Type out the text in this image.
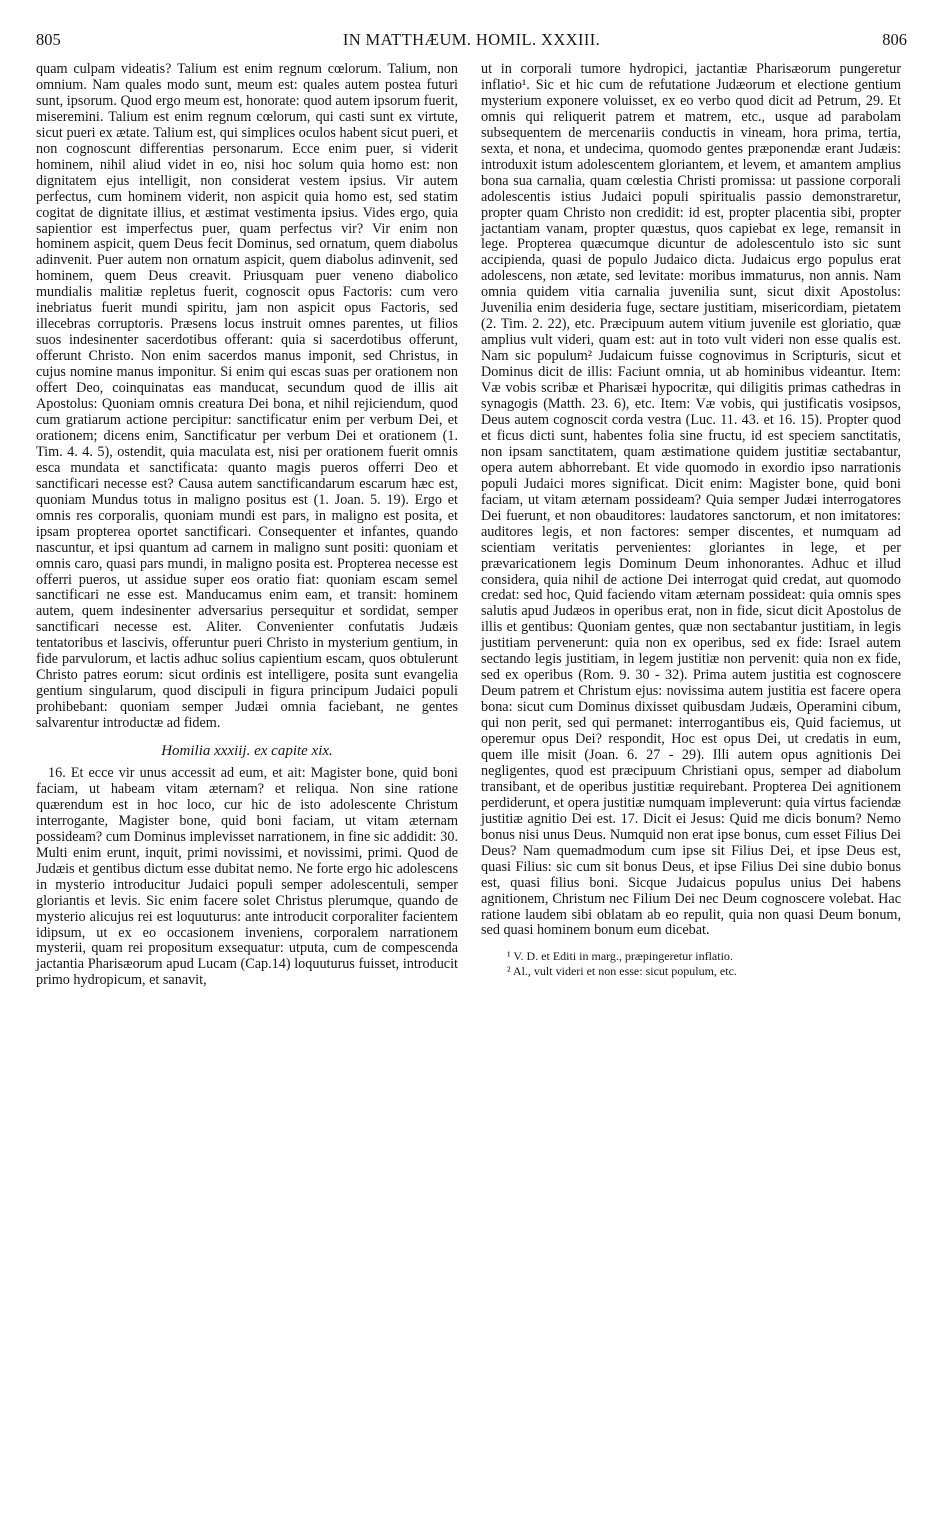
805	IN MATTHÆUM. HOMIL. XXXIII.	806

quam culpam videatis? Talium est enim regnum cœlorum. Talium, non omnium. Nam quales modo sunt, meum est: quales autem postea futuri sunt, ipsorum. Quod ergo meum est, honorate: quod autem ipsorum fuerit, miseremini. Talium est enim regnum cœlorum, qui casti sunt ex virtute, sicut pueri ex ætate. Talium est, qui simplices oculos habent sicut pueri, et non cognoscunt differentias personarum. Ecce enim puer, si viderit hominem, nihil aliud videt in eo, nisi hoc solum quia homo est: non dignitatem ejus intelligit, non considerat vestem ipsius. Vir autem perfectus, cum hominem viderit, non aspicit quia homo est, sed statim cogitat de dignitate illius, et æstimat vestimenta ipsius. Vides ergo, quia sapientior est imperfectus puer, quam perfectus vir? Vir enim non hominem aspicit, quem Deus fecit Dominus, sed ornatum, quem diabolus adinvenit. Puer autem non ornatum aspicit, quem diabolus adinvenit, sed hominem, quem Deus creavit. Priusquam puer veneno diabolico mundialis malitiæ repletus fuerit, cognoscit opus Factoris: cum vero inebriatus fuerit mundi spiritu, jam non aspicit opus Factoris, sed illecebras corruptoris. Præsens locus instruit omnes parentes, ut filios suos indesinenter sacerdotibus offerant: quia si sacerdotibus offerunt, offerunt Christo. Non enim sacerdos manus imponit, sed Christus, in cujus nomine manus imponitur. Si enim qui escas suas per orationem non offert Deo, coinquinatas eas manducat, secundum quod de illis ait Apostolus: Quoniam omnis creatura Dei bona, et nihil rejiciendum, quod cum gratiarum actione percipitur: sanctificatur enim per verbum Dei, et orationem; dicens enim, Sanctificatur per verbum Dei et orationem (1. Tim. 4. 4. 5), ostendit, quia maculata est, nisi per orationem fuerit omnis esca mundata et sanctificata: quanto magis pueros offerri Deo et sanctificari necesse est? Causa autem sanctificandarum escarum hæc est, quoniam Mundus totus in maligno positus est (1. Joan. 5. 19). Ergo et omnis res corporalis, quoniam mundi est pars, in maligno est posita, et ipsam propterea oportet sanctificari. Consequenter et infantes, quando nascuntur, et ipsi quantum ad carnem in maligno sunt positi: quoniam et omnis caro, quasi pars mundi, in maligno posita est. Propterea necesse est offerri pueros, ut assidue super eos oratio fiat: quoniam escam semel sanctificari ne esse est. Manducamus enim eam, et transit: hominem autem, quem indesinenter adversarius persequitur et sordidat, semper sanctificari necesse est. Aliter. Convenienter confutatis Judæis tentatoribus et lascivis, offeruntur pueri Christo in mysterium gentium, in fide parvulorum, et lactis adhuc solius capientium escam, quos obtulerunt Christo patres eorum: sicut ordinis est intelligere, posita sunt evangelia gentium singularum, quod discipuli in figura principum Judaici populi prohibebant: quoniam semper Judæi omnia faciebant, ne gentes salvarentur introductæ ad fidem.

Homilia xxxiij. ex capite xix.

16. Et ecce vir unus accessit ad eum, et ait: Magister bone, quid boni faciam, ut habeam vitam æternam? et reliqua. Non sine ratione quærendum est in hoc loco, cur hic de isto adolescente Christum interrogante, Magister bone, quid boni faciam, ut vitam æternam possideam? cum Dominus implevisset narrationem, in fine sic addidit: 30. Multi enim erunt, inquit, primi novissimi, et novissimi, primi. Quod de Judæis et gentibus dictum esse dubitat nemo. Ne forte ergo hic adolescens in mysterio introducitur Judaici populi semper adolescentuli, semper gloriantis et levis. Sic enim facere solet Christus plerumque, quando de mysterio alicujus rei est loquuturus: ante introducit corporaliter facientem idipsum, ut ex eo occasionem inveniens, corporalem narrationem mysterii, quam rei propositum exsequatur: utputa, cum de compescenda jactantia Pharisæorum apud Lucam (Cap.14) loquuturus fuisset, introducit primo hydropicum, et sanavit,

ut in corporali tumore hydropici, jactantiæ Pharisæorum pungeretur inflatio¹. Sic et hic cum de refutatione Judæorum et electione gentium mysterium exponere voluisset, ex eo verbo quod dicit ad Petrum, 29. Et omnis qui reliquerit patrem et matrem, etc., usque ad parabolam subsequentem de mercenariis conductis in vineam, hora prima, tertia, sexta, et nona, et undecima, quomodo gentes præponendæ erant Judæis: introduxit istum adolescentem gloriantem, et levem, et amantem amplius bona sua carnalia, quam cœlestia Christi promissa: ut passione corporali adolescentis istius Judaici populi spiritualis passio demonstraretur, propter quam Christo non credidit: id est, propter placentia sibi, propter jactantiam vanam, propter quæstus, quos capiebat ex lege, remansit in lege. Propterea quæcumque dicuntur de adolescentulo isto sic sunt accipienda, quasi de populo Judaico dicta. Judaicus ergo populus erat adolescens, non ætate, sed levitate: moribus immaturus, non annis. Nam omnia quidem vitia carnalia juvenilia sunt, sicut dixit Apostolus: Juvenilia enim desideria fuge, sectare justitiam, misericordiam, pietatem (2. Tim. 2. 22), etc. Præcipuum autem vitium juvenile est gloriatio, quæ amplius vult videri, quam est: aut in toto vult videri non esse qualis est. Nam sic populum² Judaicum fuisse cognovimus in Scripturis, sicut et Dominus dicit de illis: Faciunt omnia, ut ab hominibus videantur. Item: Væ vobis scribæ et Pharisæi hypocritæ, qui diligitis primas cathedras in synagogis (Matth. 23. 6), etc. Item: Væ vobis, qui justificatis vosipsos, Deus autem cognoscit corda vestra (Luc. 11. 43. et 16. 15). Propter quod et ficus dicti sunt, habentes folia sine fructu, id est speciem sanctitatis, non ipsam sanctitatem, quam æstimatione quidem justitiæ sectabantur, opera autem abhorrebant. Et vide quomodo in exordio ipso narrationis populi Judaici mores significat. Dicit enim: Magister bone, quid boni faciam, ut vitam æternam possideam? Quia semper Judæi interrogatores Dei fuerunt, et non obauditores: laudatores sanctorum, et non imitatores: auditores legis, et non factores: semper discentes, et numquam ad scientiam veritatis pervenientes: gloriantes in lege, et per prævaricationem legis Dominum Deum inhonorantes. Adhuc et illud considera, quia nihil de actione Dei interrogat quid credat, aut quomodo credat: sed hoc, Quid faciendo vitam æternam possideat: quia omnis spes salutis apud Judæos in operibus erat, non in fide, sicut dicit Apostolus de illis et gentibus: Quoniam gentes, quæ non sectabantur justitiam, in legis justitiam pervenerunt: quia non ex operibus, sed ex fide: Israel autem sectando legis justitiam, in legem justitiæ non pervenit: quia non ex fide, sed ex operibus (Rom. 9. 30 - 32). Prima autem justitia est cognoscere Deum patrem et Christum ejus: novissima autem justitia est facere opera bona: sicut cum Dominus dixisset quibusdam Judæis, Operamini cibum, qui non perit, sed qui permanet: interrogantibus eis, Quid faciemus, ut operemur opus Dei? respondit, Hoc est opus Dei, ut credatis in eum, quem ille misit (Joan. 6. 27 - 29). Illi autem opus agnitionis Dei negligentes, quod est præcipuum Christiani opus, semper ad diabolum transibant, et de operibus justitiæ requirebant. Propterea Dei agnitionem perdiderunt, et opera justitiæ numquam impleverunt: quia virtus faciendæ justitiæ agnitio Dei est. 17. Dicit ei Jesus: Quid me dicis bonum? Nemo bonus nisi unus Deus. Numquid non erat ipse bonus, cum esset Filius Dei Deus? Nam quemadmodum cum ipse sit Filius Dei, et ipse Deus est, quasi Filius: sic cum sit bonus Deus, et ipse Filius Dei sine dubio bonus est, quasi filius boni. Sicque Judaicus populus unius Dei habens agnitionem, Christum nec Filium Dei nec Deum cognoscere volebat. Hac ratione laudem sibi oblatam ab eo repulit, quia non quasi Deum bonum, sed quasi hominem bonum eum dicebat.

¹ V. D. et Editi in marg., præpingeretur inflatio.

² Al., vult videri et non esse: sicut populum, etc.
